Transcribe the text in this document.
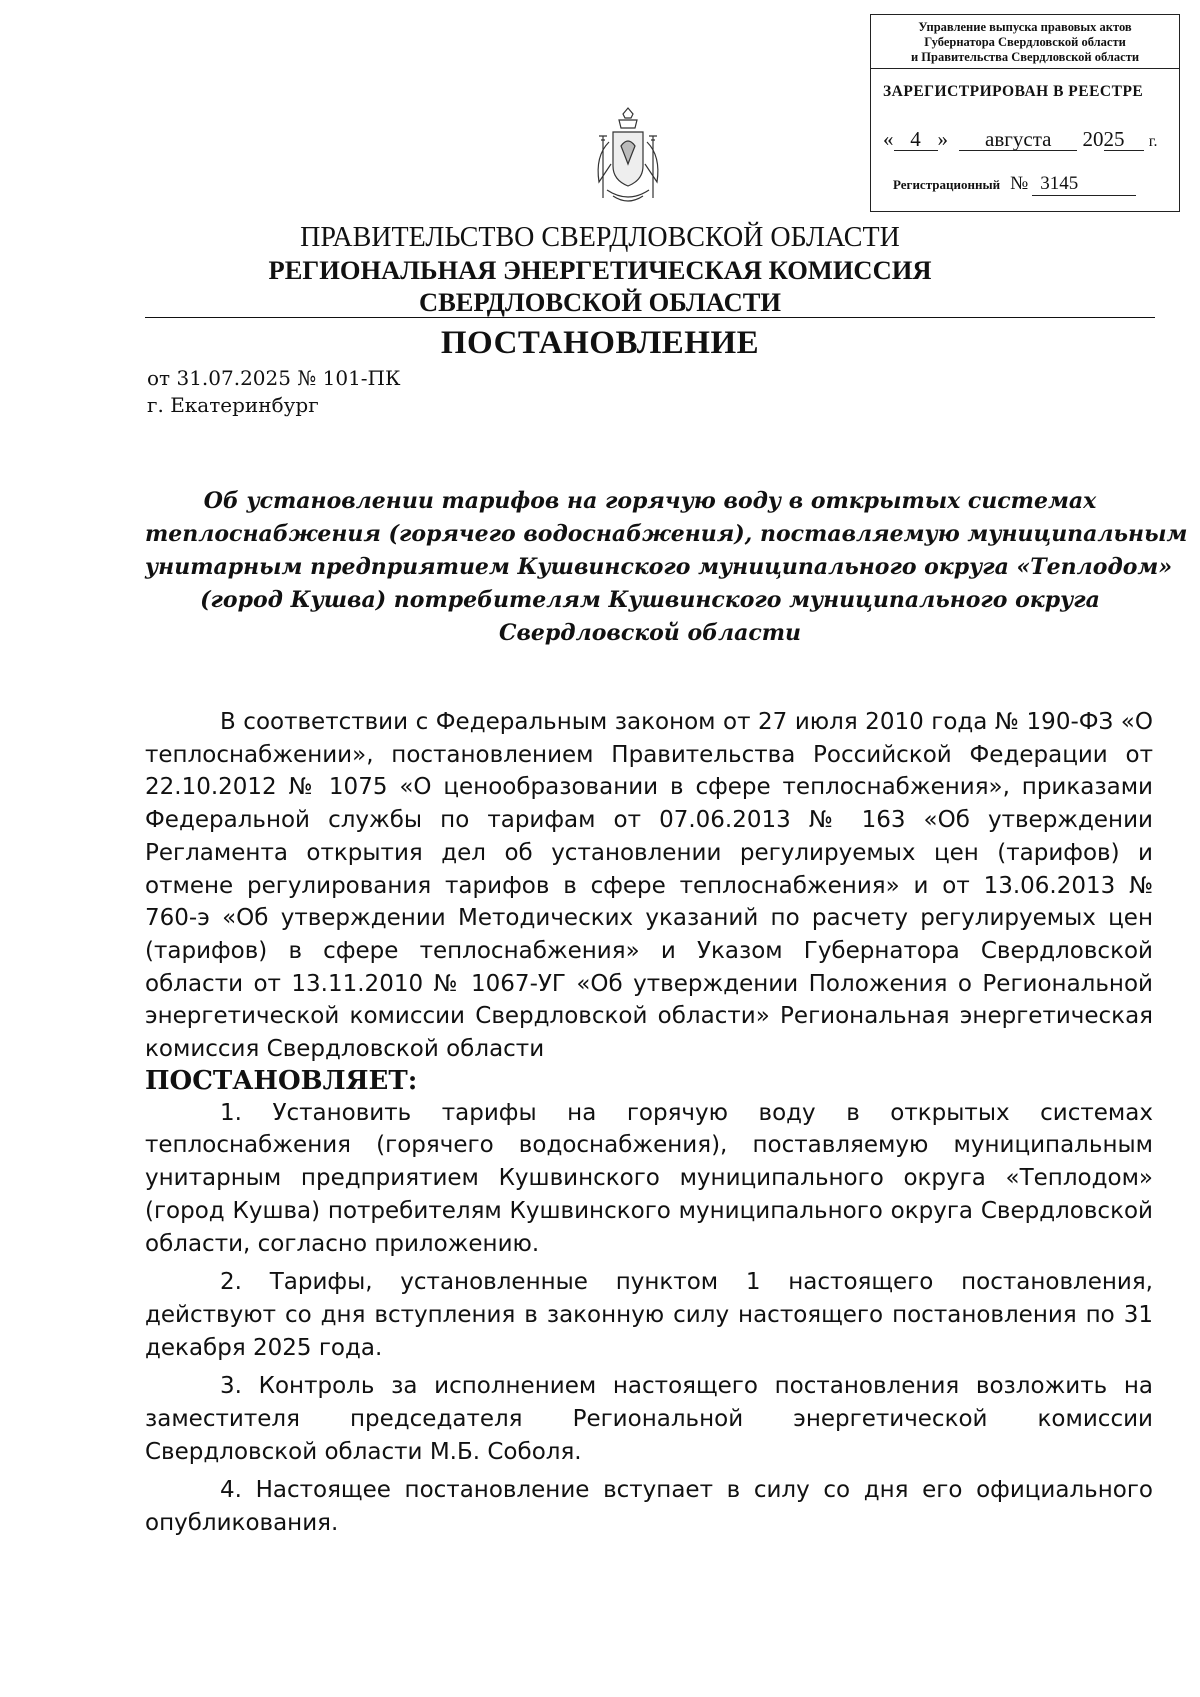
Управление выпуска правовых актов
Губернатора Свердловской области
и Правительства Свердловской области
ЗАРЕГИСТРИРОВАН В РЕЕСТРЕ
« 4 » августа 2025 г.
Регистрационный № 3145
ПРАВИТЕЛЬСТВО СВЕРДЛОВСКОЙ ОБЛАСТИ
РЕГИОНАЛЬНАЯ ЭНЕРГЕТИЧЕСКАЯ КОМИССИЯ
СВЕРДЛОВСКОЙ ОБЛАСТИ
ПОСТАНОВЛЕНИЕ
от 31.07.2025 № 101-ПК
г. Екатеринбург
Об установлении тарифов на горячую воду в открытых системах
теплоснабжения (горячего водоснабжения), поставляемую муниципальным
унитарным предприятием Кушвинского муниципального округа «Теплодом»
(город Кушва) потребителям Кушвинского муниципального округа
Свердловской области

В соответствии с Федеральным законом от 27 июля 2010 года № 190-ФЗ «О теплоснабжении», постановлением Правительства Российской Федерации от 22.10.2012 № 1075 «О ценообразовании в сфере теплоснабжения», приказами Федеральной службы по тарифам от 07.06.2013 № 163 «Об утверждении Регламента открытия дел об установлении регулируемых цен (тарифов) и отмене регулирования тарифов в сфере теплоснабжения» и от 13.06.2013 № 760-э «Об утверждении Методических указаний по расчету регулируемых цен (тарифов) в сфере теплоснабжения» и Указом Губернатора Свердловской области от 13.11.2010 № 1067-УГ «Об утверждении Положения о Региональной энергетической комиссии Свердловской области» Региональная энергетическая комиссия Свердловской области

ПОСТАНОВЛЯЕТ:

1. Установить тарифы на горячую воду в открытых системах теплоснабжения (горячего водоснабжения), поставляемую муниципальным унитарным предприятием Кушвинского муниципального округа «Теплодом» (город Кушва) потребителям Кушвинского муниципального округа Свердловской области, согласно приложению.

2. Тарифы, установленные пунктом 1 настоящего постановления, действуют со дня вступления в законную силу настоящего постановления по 31 декабря 2025 года.

3. Контроль за исполнением настоящего постановления возложить на заместителя председателя Региональной энергетической комиссии Свердловской области М.Б. Соболя.

4. Настоящее постановление вступает в силу со дня его официального опубликования.
